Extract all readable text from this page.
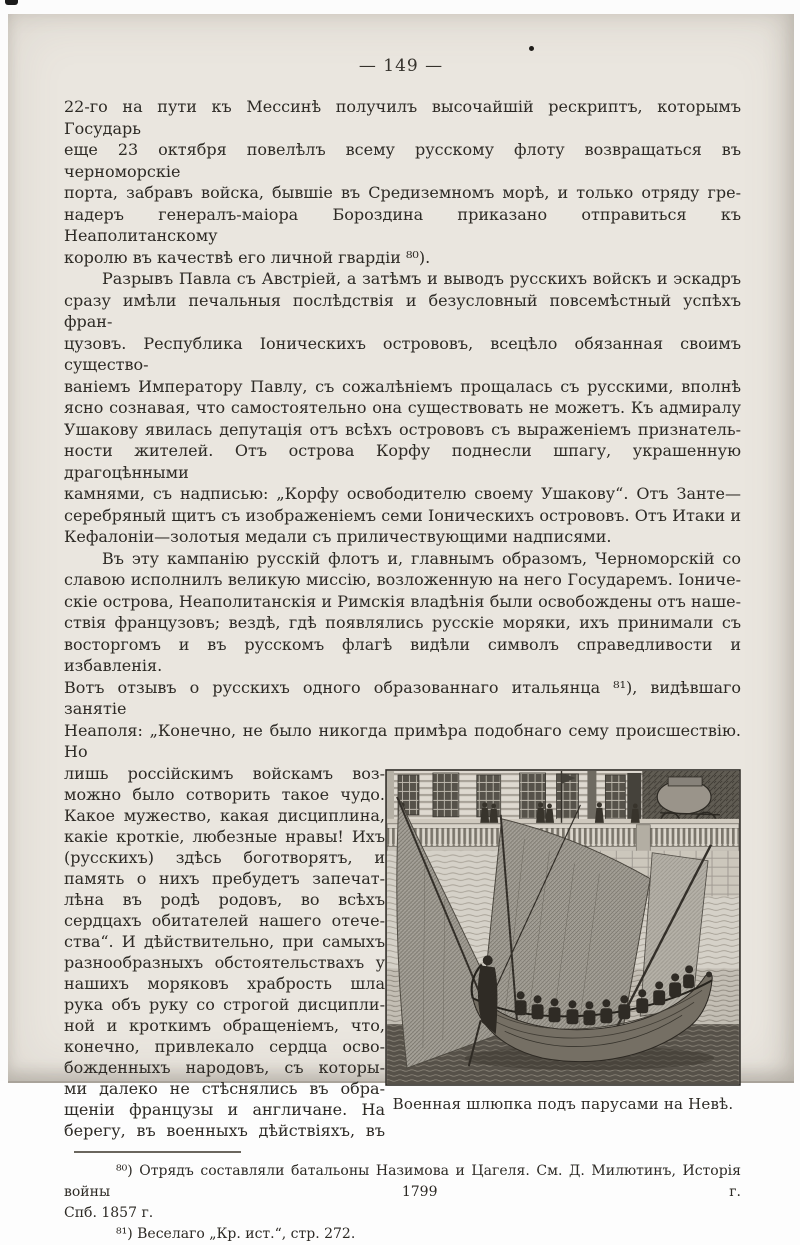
— 149 —
22-го на пути къ Мессинѣ получилъ высочайшій рескриптъ, которымъ Государь
еще 23 октября повелѣлъ всему русскому флоту возвращаться въ черноморскіе
порта, забравъ войска, бывшіе въ Средиземномъ морѣ, и только отряду гре-
надеръ генералъ-маіора Бороздина приказано отправиться къ Неаполитанскому
королю въ качествѣ его личной гвардіи ⁸⁰).
Разрывъ Павла съ Австріей, а затѣмъ и выводъ русскихъ войскъ и эскадръ
сразу имѣли печальныя послѣдствія и безусловный повсемѣстный успѣхъ фран-
цузовъ. Республика Іоническихъ острововъ, всецѣло обязанная своимъ существо-
ваніемъ Императору Павлу, съ сожалѣніемъ прощалась съ русскими, вполнѣ
ясно сознавая, что самостоятельно она существовать не можетъ. Къ адмиралу
Ушакову явилась депутація отъ всѣхъ острововъ съ выраженіемъ признатель-
ности жителей. Отъ острова Корфу поднесли шпагу, украшенную драгоцѣнными
камнями, съ надписью: „Корфу освободителю своему Ушакову“. Отъ Занте—
серебряный щитъ съ изображеніемъ семи Іоническихъ острововъ. Отъ Итаки и
Кефалоніи—золотыя медали съ приличествующими надписями.
Въ эту кампанію русскій флотъ и, главнымъ образомъ, Черноморскій со
славою исполнилъ великую миссію, возложенную на него Государемъ. Іониче-
скіе острова, Неаполитанскія и Римскія владѣнія были освобождены отъ наше-
ствія французовъ; вездѣ, гдѣ появлялись русскіе моряки, ихъ принимали съ
восторгомъ и въ русскомъ флагѣ видѣли символъ справедливости и избавленія.
Вотъ отзывъ о русскихъ одного образованнаго итальянца ⁸¹), видѣвшаго занятіе
Неаполя: „Конечно, не было никогда примѣра подобнаго сему происшествію. Но
лишь россійскимъ войскамъ воз-
можно было сотворить такое чудо.
Какое мужество, какая дисциплина,
какіе кроткіе, любезные нравы! Ихъ
(русскихъ) здѣсь боготворятъ, и
память о нихъ пребудетъ запечат-
лѣна въ родѣ родовъ, во всѣхъ
сердцахъ обитателей нашего отече-
ства“. И дѣйствительно, при самыхъ
разнообразныхъ обстоятельствахъ у
нашихъ моряковъ храбрость шла
рука объ руку со строгой дисципли-
ной и кроткимъ обращеніемъ, что,
конечно, привлекало сердца осво-
божденныхъ народовъ, съ которы-
ми далеко не стѣснялись въ обра-
щеніи французы и англичане. На
берегу, въ военныхъ дѣйствіяхъ, въ
Военная шлюпка подъ парусами на Невѣ.
⁸⁰) Отрядъ составляли батальоны Назимова и Цагеля. См. Д. Милютинъ, Исторія войны 1799 г.
Спб. 1857 г.
⁸¹) Веселаго „Кр. ист.“, стр. 272.
